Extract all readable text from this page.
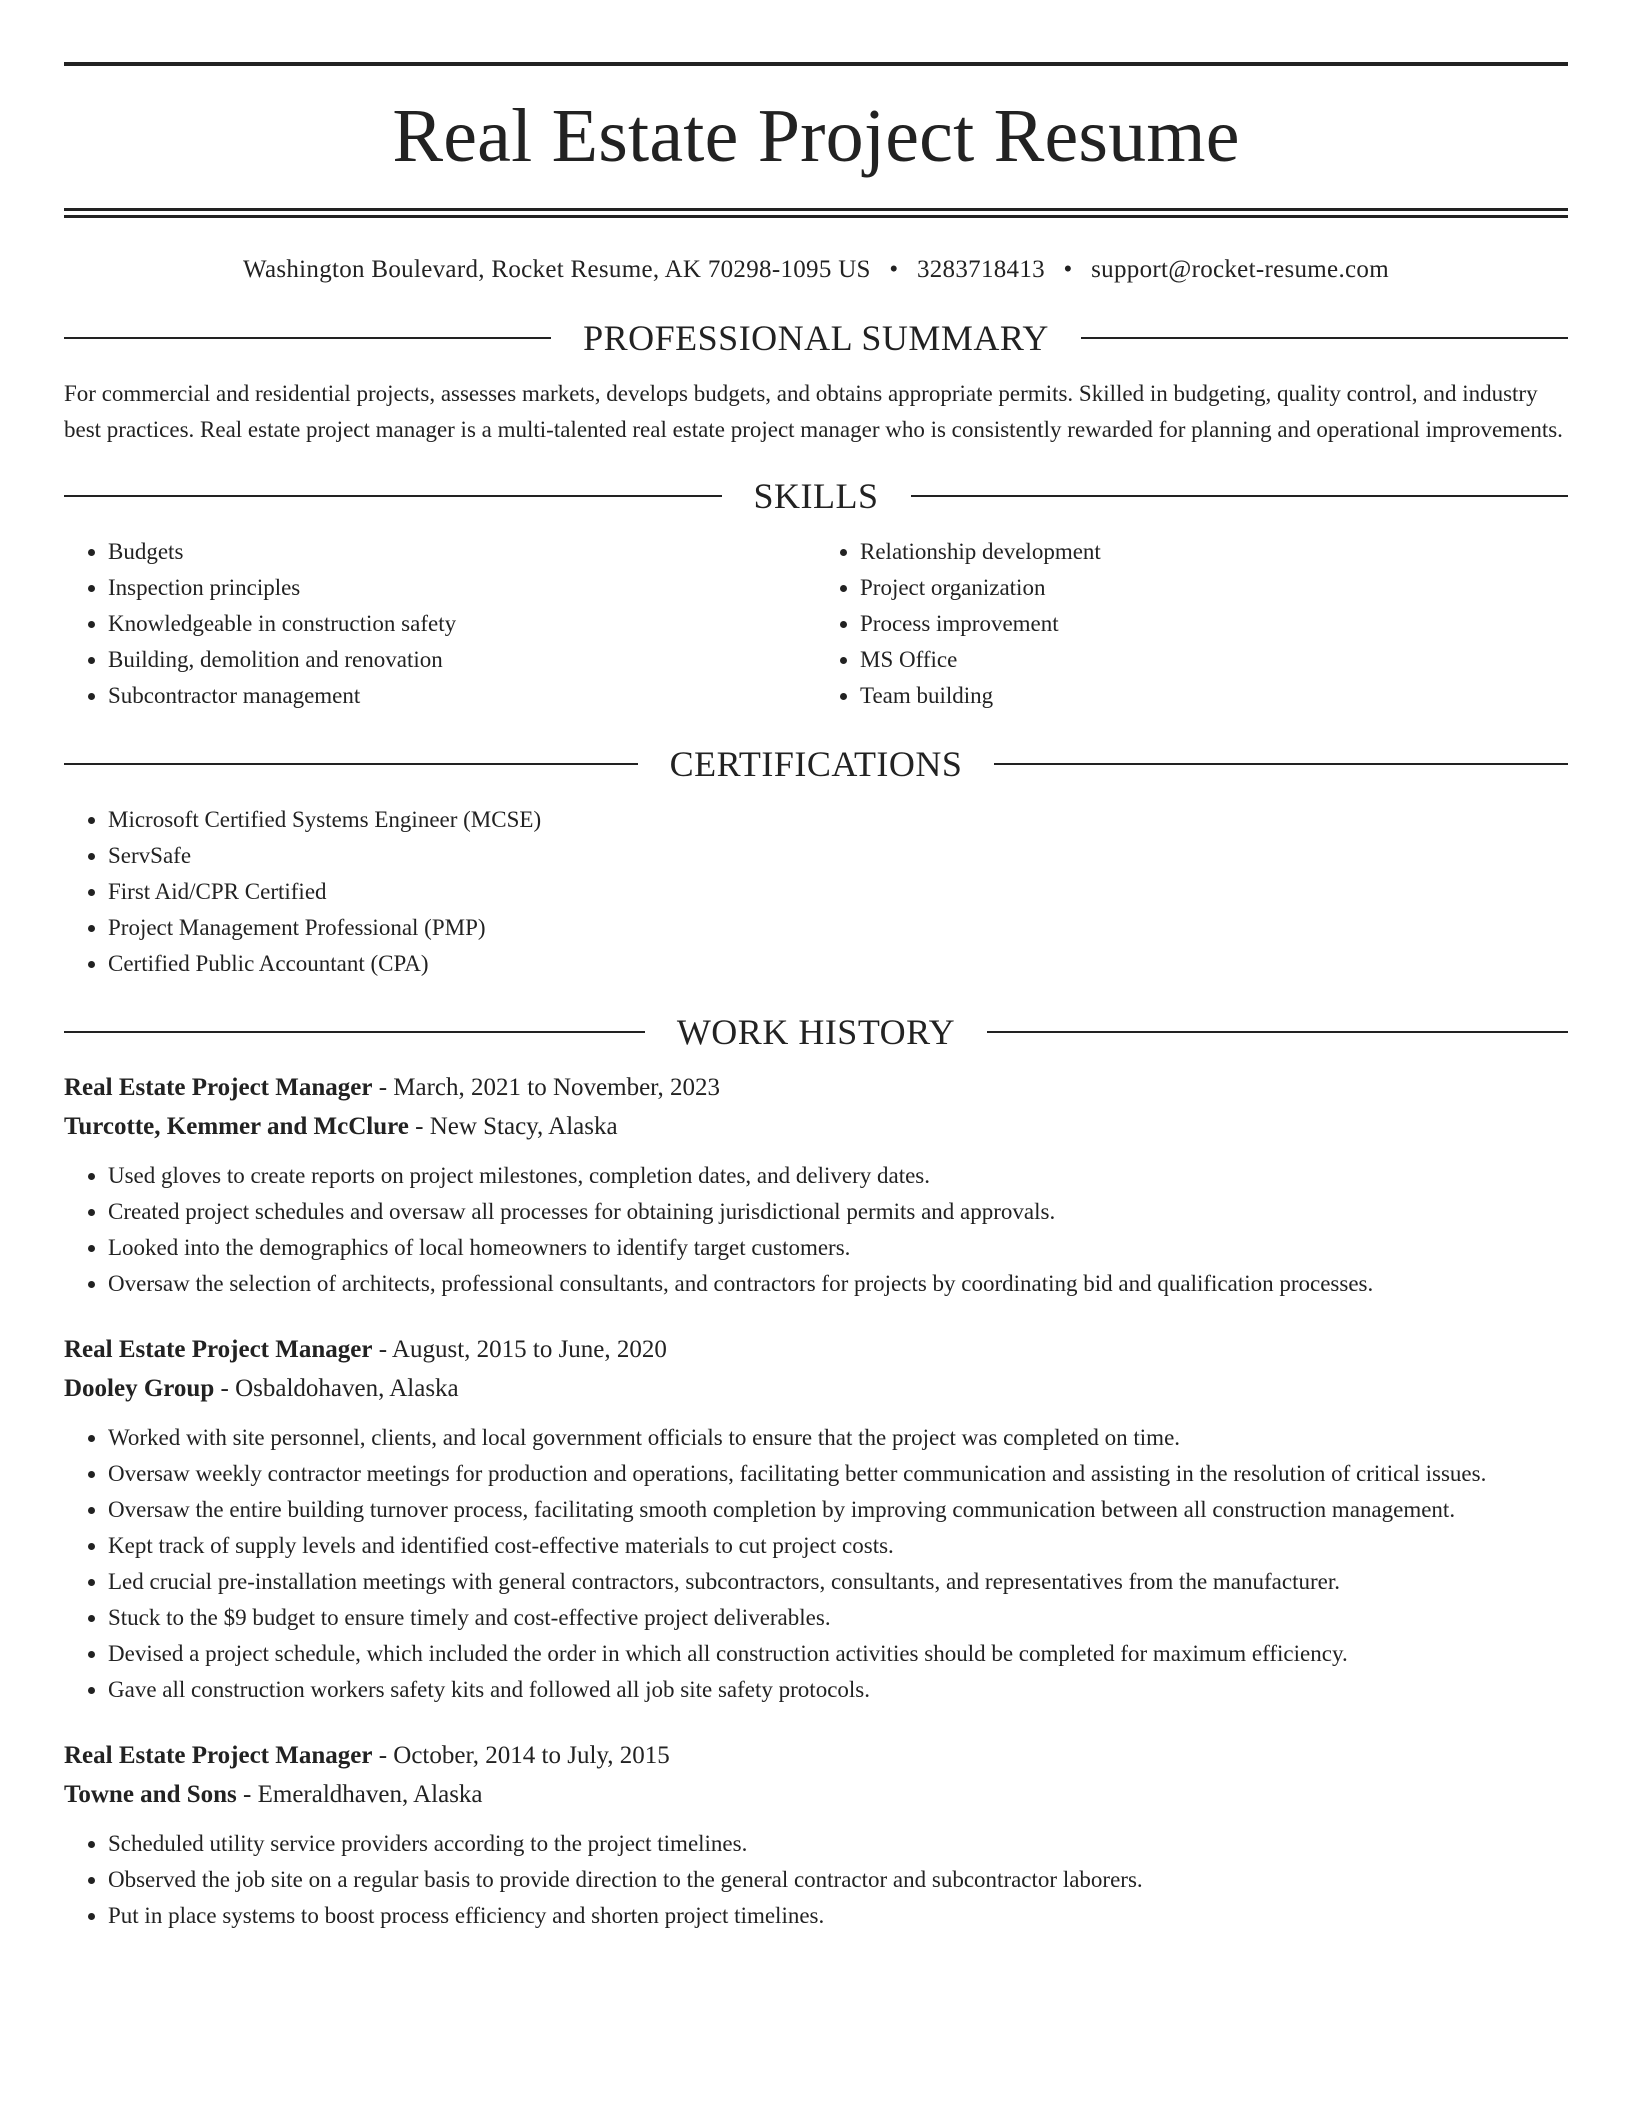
Real Estate Project Resume
Washington Boulevard, Rocket Resume, AK 70298-1095 US • 3283718413 • support@rocket-resume.com
PROFESSIONAL SUMMARY

For commercial and residential projects, assesses markets, develops budgets, and obtains appropriate permits. Skilled in budgeting, quality control, and industry best practices. Real estate project manager is a multi-talented real estate project manager who is consistently rewarded for planning and operational improvements.

SKILLS
• Budgets
• Inspection principles
• Knowledgeable in construction safety
• Building, demolition and renovation
• Subcontractor management
• Relationship development
• Project organization
• Process improvement
• MS Office
• Team building
CERTIFICATIONS
• Microsoft Certified Systems Engineer (MCSE)
• ServSafe
• First Aid/CPR Certified
• Project Management Professional (PMP)
• Certified Public Accountant (CPA)
WORK HISTORY
Real Estate Project Manager - March, 2021 to November, 2023
Turcotte, Kemmer and McClure - New Stacy, Alaska
• Used gloves to create reports on project milestones, completion dates, and delivery dates.
• Created project schedules and oversaw all processes for obtaining jurisdictional permits and approvals.
• Looked into the demographics of local homeowners to identify target customers.
• Oversaw the selection of architects, professional consultants, and contractors for projects by coordinating bid and qualification processes.
Real Estate Project Manager - August, 2015 to June, 2020
Dooley Group - Osbaldohaven, Alaska
• Worked with site personnel, clients, and local government officials to ensure that the project was completed on time.
• Oversaw weekly contractor meetings for production and operations, facilitating better communication and assisting in the resolution of critical issues.
• Oversaw the entire building turnover process, facilitating smooth completion by improving communication between all construction management.
• Kept track of supply levels and identified cost-effective materials to cut project costs.
• Led crucial pre-installation meetings with general contractors, subcontractors, consultants, and representatives from the manufacturer.
• Stuck to the $9 budget to ensure timely and cost-effective project deliverables.
• Devised a project schedule, which included the order in which all construction activities should be completed for maximum efficiency.
• Gave all construction workers safety kits and followed all job site safety protocols.
Real Estate Project Manager - October, 2014 to July, 2015
Towne and Sons - Emeraldhaven, Alaska
• Scheduled utility service providers according to the project timelines.
• Observed the job site on a regular basis to provide direction to the general contractor and subcontractor laborers.
• Put in place systems to boost process efficiency and shorten project timelines.
